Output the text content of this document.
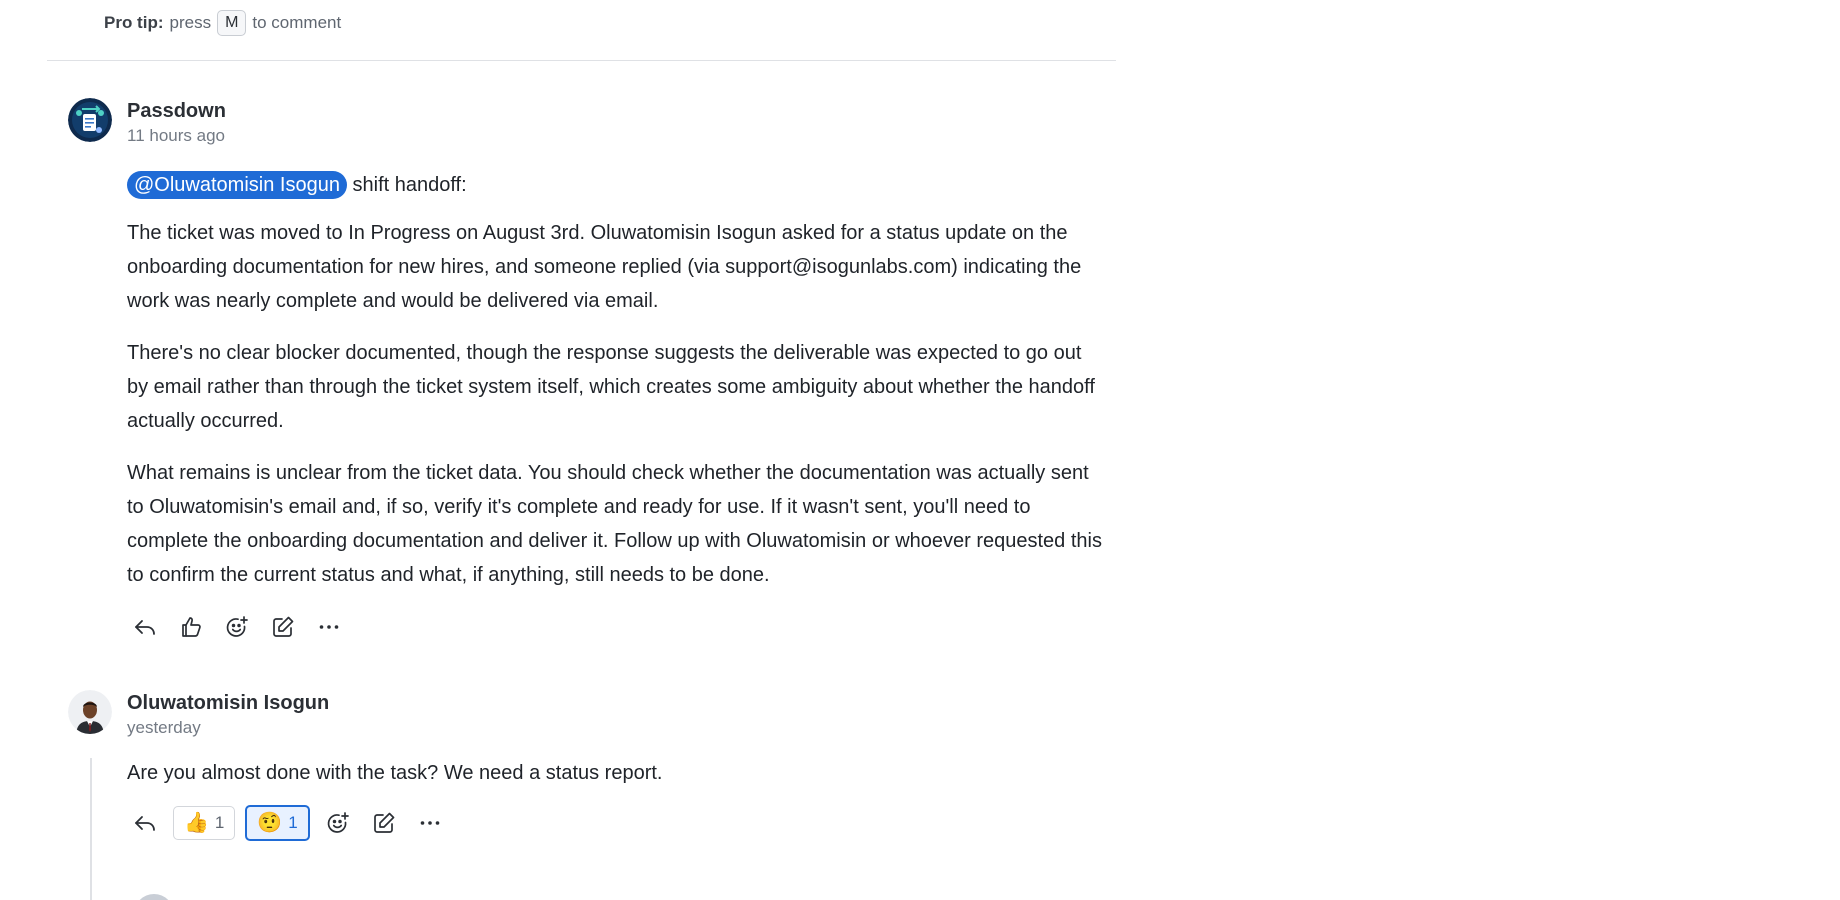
Pro tip: press M to comment
Passdown
11 hours ago

@Oluwatomisin Isogun shift handoff:

The ticket was moved to In Progress on August 3rd. Oluwatomisin Isogun asked for a status update on the onboarding documentation for new hires, and someone replied (via support@isogunlabs.com) indicating the work was nearly complete and would be delivered via email.

There's no clear blocker documented, though the response suggests the deliverable was expected to go out by email rather than through the ticket system itself, which creates some ambiguity about whether the handoff actually occurred.

What remains is unclear from the ticket data. You should check whether the documentation was actually sent to Oluwatomisin's email and, if so, verify it's complete and ready for use. If it wasn't sent, you'll need to complete the onboarding documentation and deliver it. Follow up with Oluwatomisin or whoever requested this to confirm the current status and what, if anything, still needs to be done.

Oluwatomisin Isogun
yesterday

Are you almost done with the task? We need a status report.

👍 1 🤨 1
